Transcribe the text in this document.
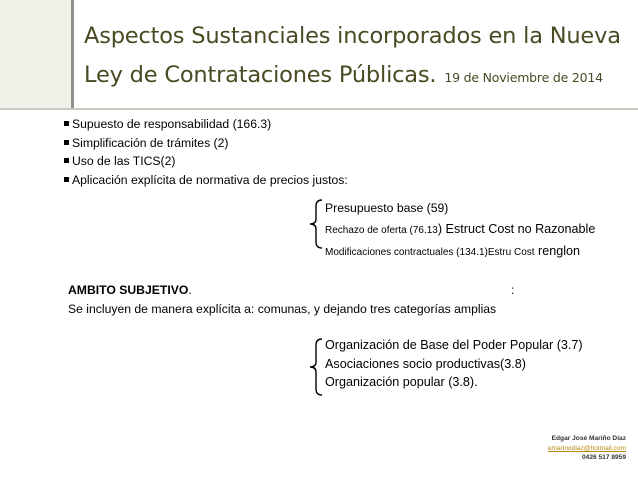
Aspectos Sustanciales incorporados en la Nueva

Ley de Contrataciones Públicas. 19 de Noviembre de 2014

Supuesto de responsabilidad (166.3)
Simplificación de trámites (2)
Uso de las TICS(2)
Aplicación explícita de normativa de precios justos:
Presupuesto base (59)
Rechazo de oferta (76.13) Estruct Cost no Razonable
Modificaciones contractuales (134.1)Estru Cost renglon

AMBITO SUBJETIVO.	:

Se incluyen de manera explícita a: comunas, y dejando tres categorías amplias

Organización de Base del Poder Popular (3.7)
Asociaciones socio productivas(3.8)
Organización popular (3.8).
Edgar José Mariño Díaz
emarinodiaz@hotmail.com
0426 517 8959
